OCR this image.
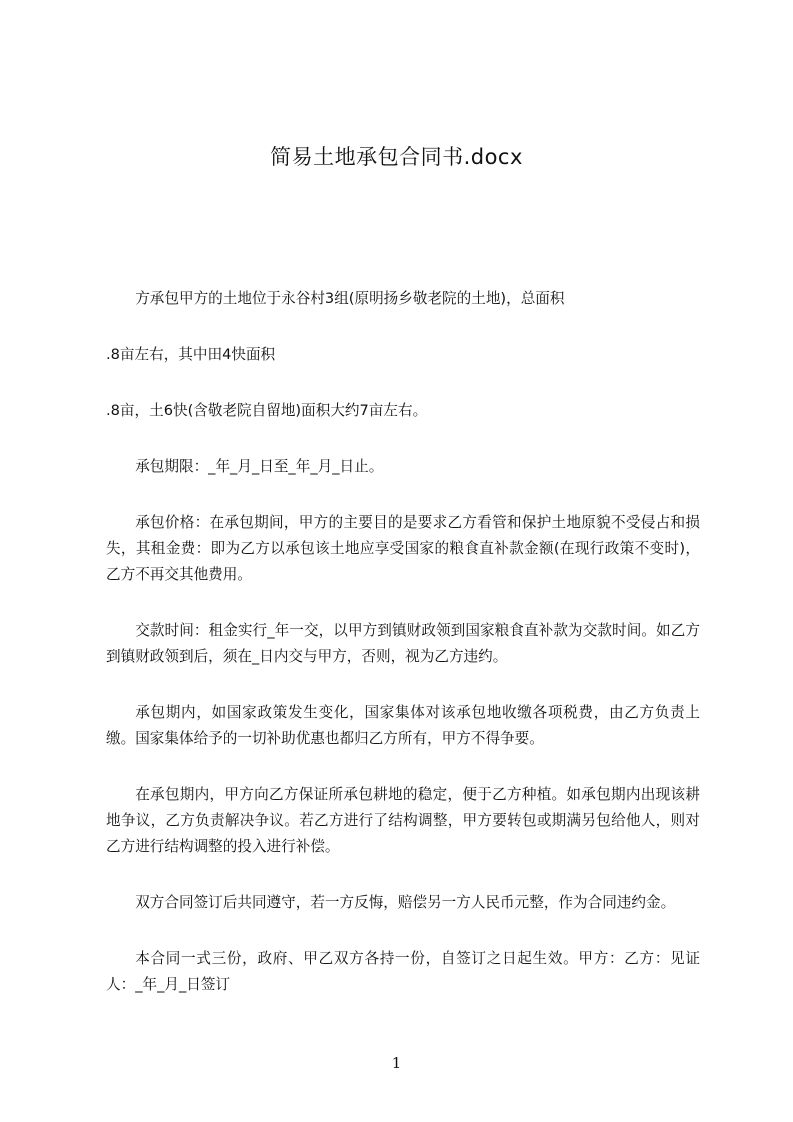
简易土地承包合同书.docx

方承包甲方的土地位于永谷村3组(原明扬乡敬老院的土地)，总面积

.8亩左右，其中田4快面积

.8亩，土6快(含敬老院自留地)面积大约7亩左右。

承包期限：_年_月_日至_年_月_日止。

承包价格：在承包期间，甲方的主要目的是要求乙方看管和保护土地原貌不受侵占和损失，其租金费：即为乙方以承包该土地应享受国家的粮食直补款金额(在现行政策不变时)，乙方不再交其他费用。

交款时间：租金实行_年一交，以甲方到镇财政领到国家粮食直补款为交款时间。如乙方到镇财政领到后，须在_日内交与甲方，否则，视为乙方违约。

承包期内，如国家政策发生变化，国家集体对该承包地收缴各项税费，由乙方负责上缴。国家集体给予的一切补助优惠也都归乙方所有，甲方不得争要。

在承包期内，甲方向乙方保证所承包耕地的稳定，便于乙方种植。如承包期内出现该耕地争议，乙方负责解决争议。若乙方进行了结构调整，甲方要转包或期满另包给他人，则对乙方进行结构调整的投入进行补偿。

双方合同签订后共同遵守，若一方反悔，赔偿另一方人民币元整，作为合同违约金。

本合同一式三份，政府、甲乙双方各持一份，自签订之日起生效。甲方：乙方：见证人：_年_月_日签订

1
